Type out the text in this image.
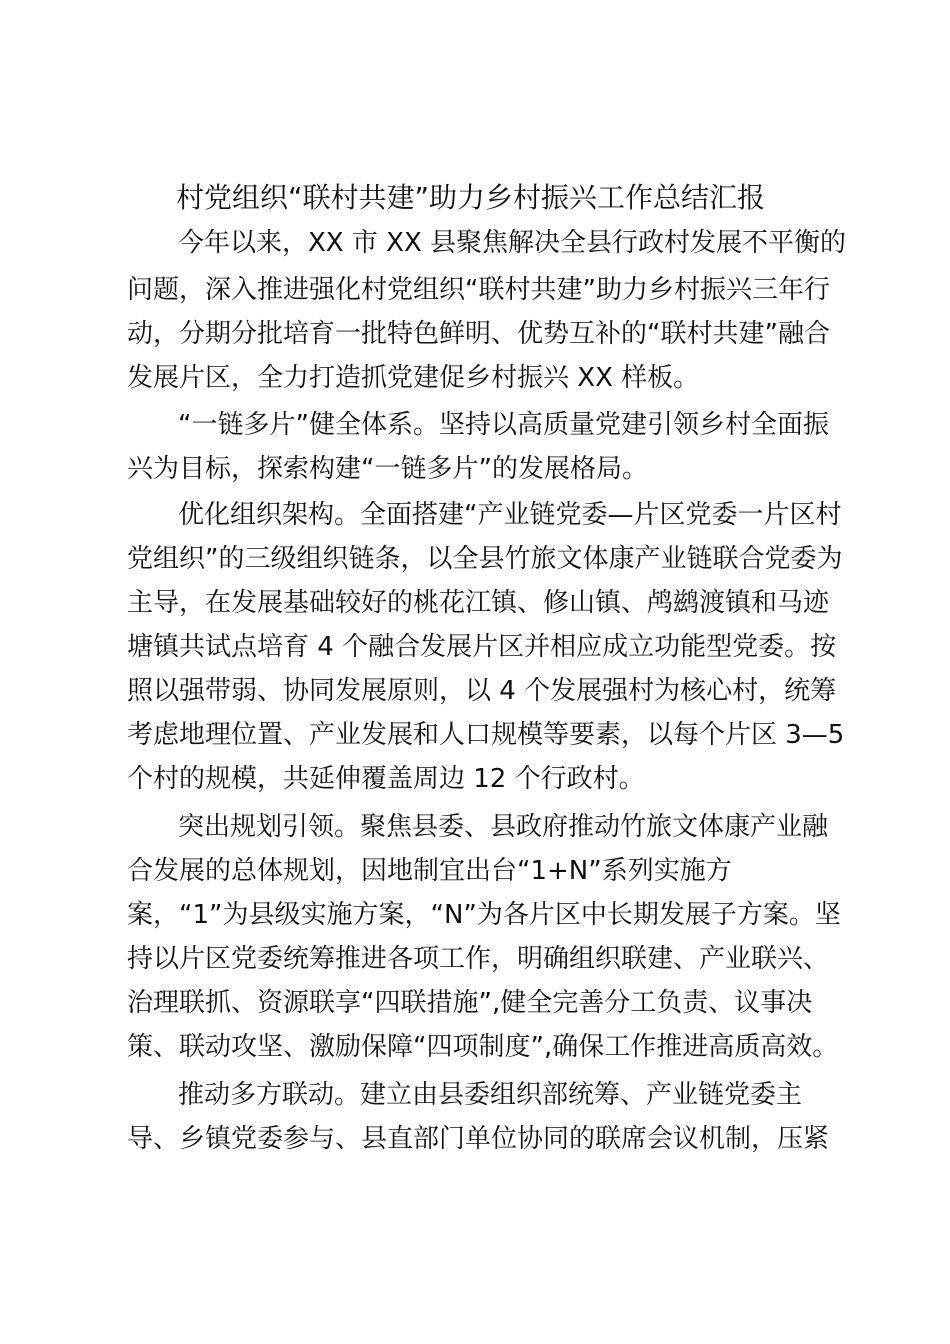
村党组织“联村共建”助力乡村振兴工作总结汇报
今年以来，XX 市 XX 县聚焦解决全县行政村发展不平衡的
问题，深入推进强化村党组织“联村共建”助力乡村振兴三年行
动，分期分批培育一批特色鲜明、优势互补的“联村共建”融合
发展片区，全力打造抓党建促乡村振兴 XX 样板。
“一链多片”健全体系。坚持以高质量党建引领乡村全面振
兴为目标，探索构建“一链多片”的发展格局。
优化组织架构。全面搭建“产业链党委—片区党委一片区村
党组织”的三级组织链条，以全县竹旅文体康产业链联合党委为
主导，在发展基础较好的桃花江镇、修山镇、鸬鹚渡镇和马迹
塘镇共试点培育 4 个融合发展片区并相应成立功能型党委。按
照以强带弱、协同发展原则，以 4 个发展强村为核心村，统筹
考虑地理位置、产业发展和人口规模等要素，以每个片区 3—5
个村的规模，共延伸覆盖周边 12 个行政村。
突出规划引领。聚焦县委、县政府推动竹旅文体康产业融
合发展的总体规划，因地制宜出台“1+N”系列实施方
案，“1”为县级实施方案，“N”为各片区中长期发展子方案。坚
持以片区党委统筹推进各项工作，明确组织联建、产业联兴、
治理联抓、资源联享“四联措施”,健全完善分工负责、议事决
策、联动攻坚、激励保障“四项制度”,确保工作推进高质高效。
推动多方联动。建立由县委组织部统筹、产业链党委主
导、乡镇党委参与、县直部门单位协同的联席会议机制，压紧
